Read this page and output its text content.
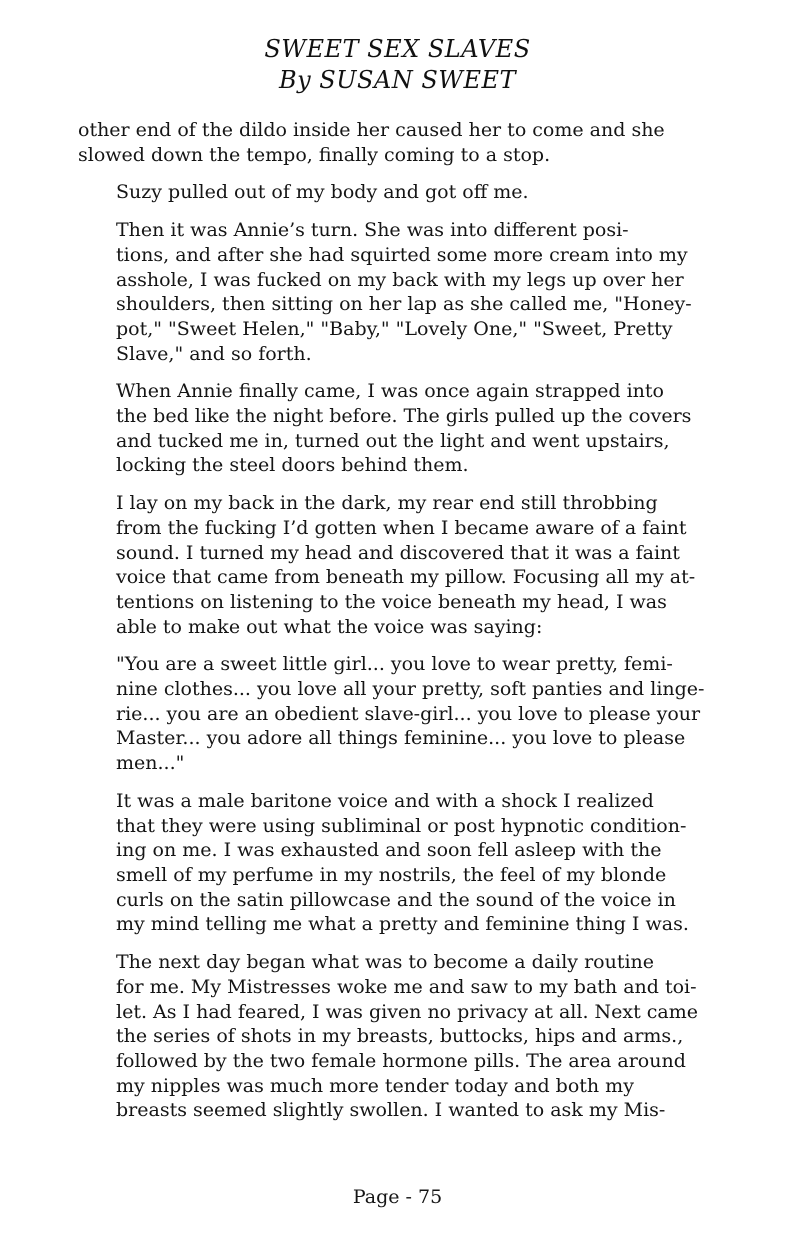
SWEET SEX SLAVES
By SUSAN SWEET

other end of the dildo inside her caused her to come and she
slowed down the tempo, finally coming to a stop.

Suzy pulled out of my body and got off me.

Then it was Annie’s turn. She was into different posi-
tions, and after she had squirted some more cream into my
asshole, I was fucked on my back with my legs up over her
shoulders, then sitting on her lap as she called me, "Honey-
pot," "Sweet Helen," "Baby," "Lovely One," "Sweet, Pretty
Slave," and so forth.

When Annie finally came, I was once again strapped into
the bed like the night before. The girls pulled up the covers
and tucked me in, turned out the light and went upstairs,
locking the steel doors behind them.

I lay on my back in the dark, my rear end still throbbing
from the fucking I’d gotten when I became aware of a faint
sound. I turned my head and discovered that it was a faint
voice that came from beneath my pillow. Focusing all my at-
tentions on listening to the voice beneath my head, I was
able to make out what the voice was saying:

"You are a sweet little girl... you love to wear pretty, femi-
nine clothes... you love all your pretty, soft panties and linge-
rie... you are an obedient slave-girl... you love to please your
Master... you adore all things feminine... you love to please
men..."

It was a male baritone voice and with a shock I realized
that they were using subliminal or post hypnotic condition-
ing on me. I was exhausted and soon fell asleep with the
smell of my perfume in my nostrils, the feel of my blonde
curls on the satin pillowcase and the sound of the voice in
my mind telling me what a pretty and feminine thing I was.

The next day began what was to become a daily routine
for me. My Mistresses woke me and saw to my bath and toi-
let. As I had feared, I was given no privacy at all. Next came
the series of shots in my breasts, buttocks, hips and arms.,
followed by the two female hormone pills. The area around
my nipples was much more tender today and both my
breasts seemed slightly swollen. I wanted to ask my Mis-

Page - 75
